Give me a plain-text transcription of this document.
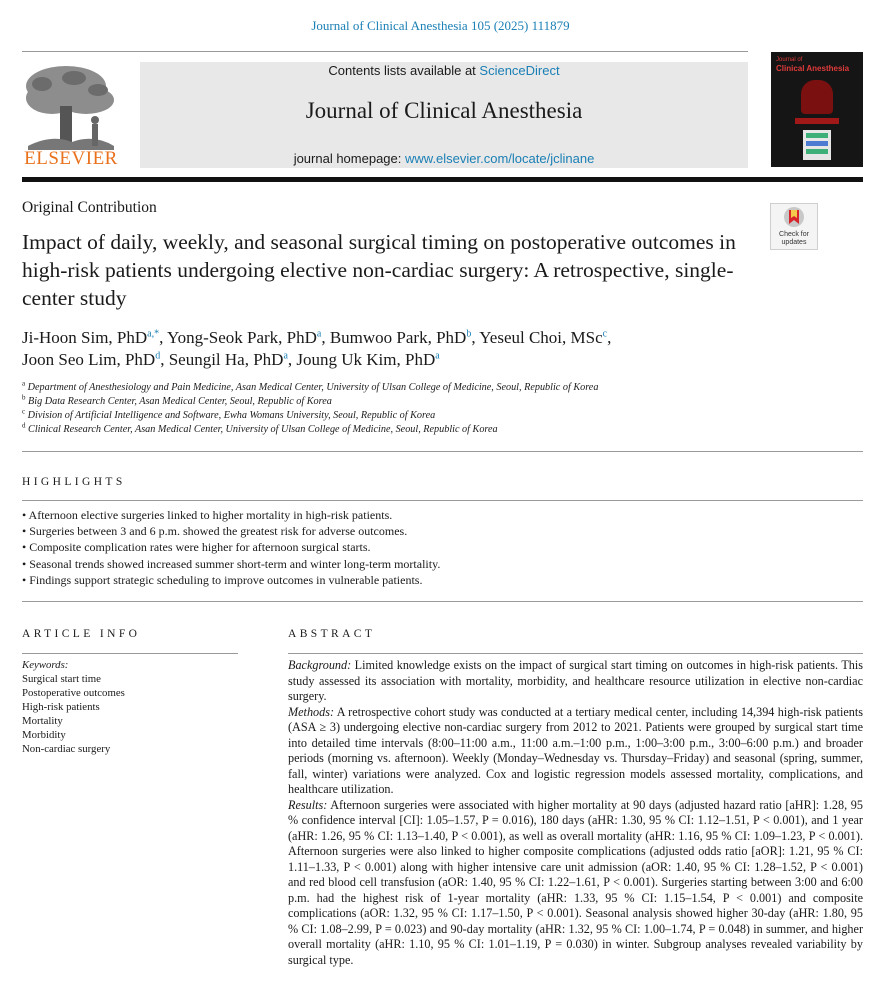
Journal of Clinical Anesthesia 105 (2025) 111879
ELSEVIER
Contents lists available at ScienceDirect
Journal of Clinical Anesthesia
journal homepage: www.elsevier.com/locate/jclinane
Journal of
Clinical Anesthesia
Original Contribution
Check for
updates
Impact of daily, weekly, and seasonal surgical timing on postoperative outcomes in high-risk patients undergoing elective non-cardiac surgery: A retrospective, single-center study
Ji-Hoon Sim, PhD$^{a,*}$, Yong-Seok Park, PhD$^a$, Bumwoo Park, PhD$^b$, Yeseul Choi, MSc$^c$,
Joon Seo Lim, PhD$^d$, Seungil Ha, PhD$^a$, Joung Uk Kim, PhD$^a$
$^a$ Department of Anesthesiology and Pain Medicine, Asan Medical Center, University of Ulsan College of Medicine, Seoul, Republic of Korea
$^b$ Big Data Research Center, Asan Medical Center, Seoul, Republic of Korea
$^c$ Division of Artificial Intelligence and Software, Ewha Womans University, Seoul, Republic of Korea
$^d$ Clinical Research Center, Asan Medical Center, University of Ulsan College of Medicine, Seoul, Republic of Korea
HIGHLIGHTS
• Afternoon elective surgeries linked to higher mortality in high-risk patients.
• Surgeries between 3 and 6 p.m. showed the greatest risk for adverse outcomes.
• Composite complication rates were higher for afternoon surgical starts.
• Seasonal trends showed increased summer short-term and winter long-term mortality.
• Findings support strategic scheduling to improve outcomes in vulnerable patients.
ARTICLE INFO
Keywords:
Surgical start time
Postoperative outcomes
High-risk patients
Mortality
Morbidity
Non-cardiac surgery
ABSTRACT

Background: Limited knowledge exists on the impact of surgical start timing on outcomes in high-risk patients. This study assessed its association with mortality, morbidity, and healthcare resource utilization in elective non-cardiac surgery.

Methods: A retrospective cohort study was conducted at a tertiary medical center, including 14,394 high-risk patients (ASA ≥ 3) undergoing elective non-cardiac surgery from 2012 to 2021. Patients were grouped by surgical start time into detailed time intervals (8:00–11:00 a.m., 11:00 a.m.–1:00 p.m., 1:00–3:00 p.m., 3:00–6:00 p.m.) and broader periods (morning vs. afternoon). Weekly (Monday–Wednesday vs. Thursday–Friday) and seasonal (spring, summer, fall, winter) variations were analyzed. Cox and logistic regression models assessed mortality, complications, and healthcare utilization.

Results: Afternoon surgeries were associated with higher mortality at 90 days (adjusted hazard ratio [aHR]: 1.28, 95 % confidence interval [CI]: 1.05–1.57, P = 0.016), 180 days (aHR: 1.30, 95 % CI: 1.12–1.51, P < 0.001), and 1 year (aHR: 1.26, 95 % CI: 1.13–1.40, P < 0.001), as well as overall mortality (aHR: 1.16, 95 % CI: 1.09–1.23, P < 0.001). Afternoon surgeries were also linked to higher composite complications (adjusted odds ratio [aOR]: 1.21, 95 % CI: 1.11–1.33, P < 0.001) along with higher intensive care unit admission (aOR: 1.40, 95 % CI: 1.28–1.52, P < 0.001) and red blood cell transfusion (aOR: 1.40, 95 % CI: 1.22–1.61, P < 0.001). Surgeries starting between 3:00 and 6:00 p.m. had the highest risk of 1-year mortality (aHR: 1.33, 95 % CI: 1.15–1.54, P < 0.001) and composite complications (aOR: 1.32, 95 % CI: 1.17–1.50, P < 0.001). Seasonal analysis showed higher 30-day (aHR: 1.80, 95 % CI: 1.08–2.99, P = 0.023) and 90-day mortality (aHR: 1.32, 95 % CI: 1.00–1.74, P = 0.048) in summer, and higher overall mortality (aHR: 1.10, 95 % CI: 1.01–1.19, P = 0.030) in winter. Subgroup analyses revealed variability by surgical type.
